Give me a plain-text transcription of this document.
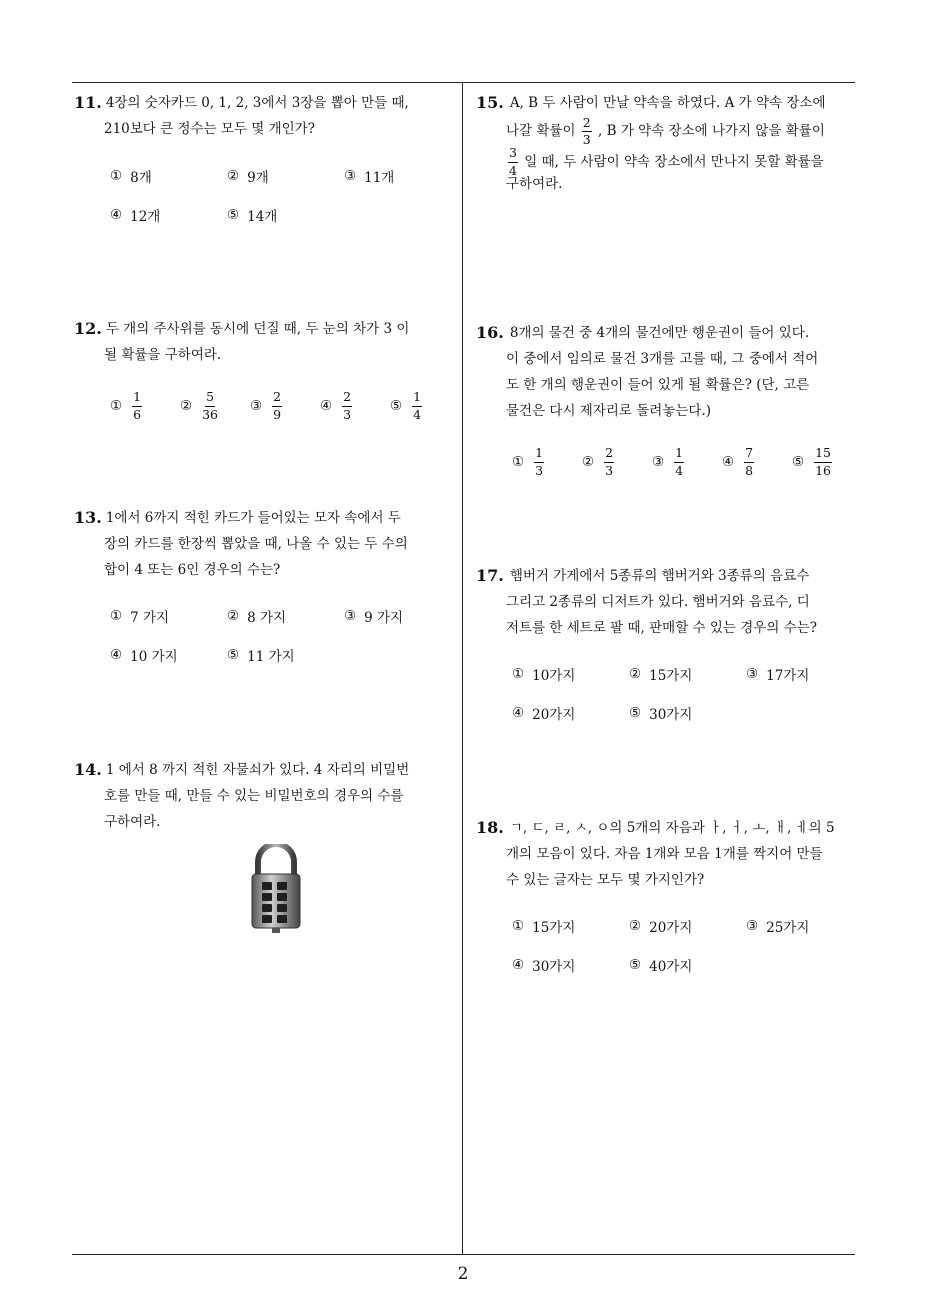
11. 4장의 숫자카드 0, 1, 2, 3에서 3장을 뽑아 만들 때,
210보다 큰 정수는 모두 몇 개인가?
① 8개	② 9개	③ 11개
④ 12개	⑤ 14개
12. 두 개의 주사위를 동시에 던질 때, 두 눈의 차가 3 이
될 확률을 구하여라.
① $\frac{1}{6}$	② $\frac{5}{36}$ ③ $\frac{2}{9}$	④ $\frac{2}{3}$	⑤ $\frac{1}{4}$
13. 1에서 6까지 적힌 카드가 들어있는 모자 속에서 두
장의 카드를 한장씩 뽑았을 때, 나올 수 있는 두 수의
합이 4 또는 6인 경우의 수는?
① 7 가지	② 8 가지	③ 9 가지
④ 10 가지	⑤ 11 가지
14. 1 에서 8 까지 적힌 자물쇠가 있다. 4 자리의 비밀번
호를 만들 때, 만들 수 있는 비밀번호의 경우의 수를
구하여라.
15. A, B 두 사람이 만날 약속을 하였다. A 가 약속 장소에
나갈 확률이 $\frac{2}{3}$ , B 가 약속 장소에 나가지 않을 확률이
$\frac{3}{4}$ 일 때, 두 사람이 약속 장소에서 만나지 못할 확률을
구하여라.
16. 8개의 물건 중 4개의 물건에만 행운권이 들어 있다.
이 중에서 임의로 물건 3개를 고를 때, 그 중에서 적어
도 한 개의 행운권이 들어 있게 될 확률은? (단, 고른
물건은 다시 제자리로 돌려놓는다.)
① $\frac{1}{3}$	② $\frac{2}{3}$	③ $\frac{1}{4}$	④ $\frac{7}{8}$	⑤ $\frac{15}{16}$
17. 햄버거 가게에서 5종류의 햄버거와 3종류의 음료수
그리고 2종류의 디저트가 있다. 햄버거와 음료수, 디
저트를 한 세트로 팔 때, 판매할 수 있는 경우의 수는?
① 10가지	② 15가지	③ 17가지
④ 20가지	⑤ 30가지
18. ㄱ, ㄷ, ㄹ, ㅅ, ㅇ의 5개의 자음과 ㅏ, ㅓ, ㅗ, ㅐ, ㅔ의 5
개의 모음이 있다. 자음 1개와 모음 1개를 짝지어 만들
수 있는 글자는 모두 몇 가지인가?
① 15가지	② 20가지	③ 25가지
④ 30가지	⑤ 40가지
2
